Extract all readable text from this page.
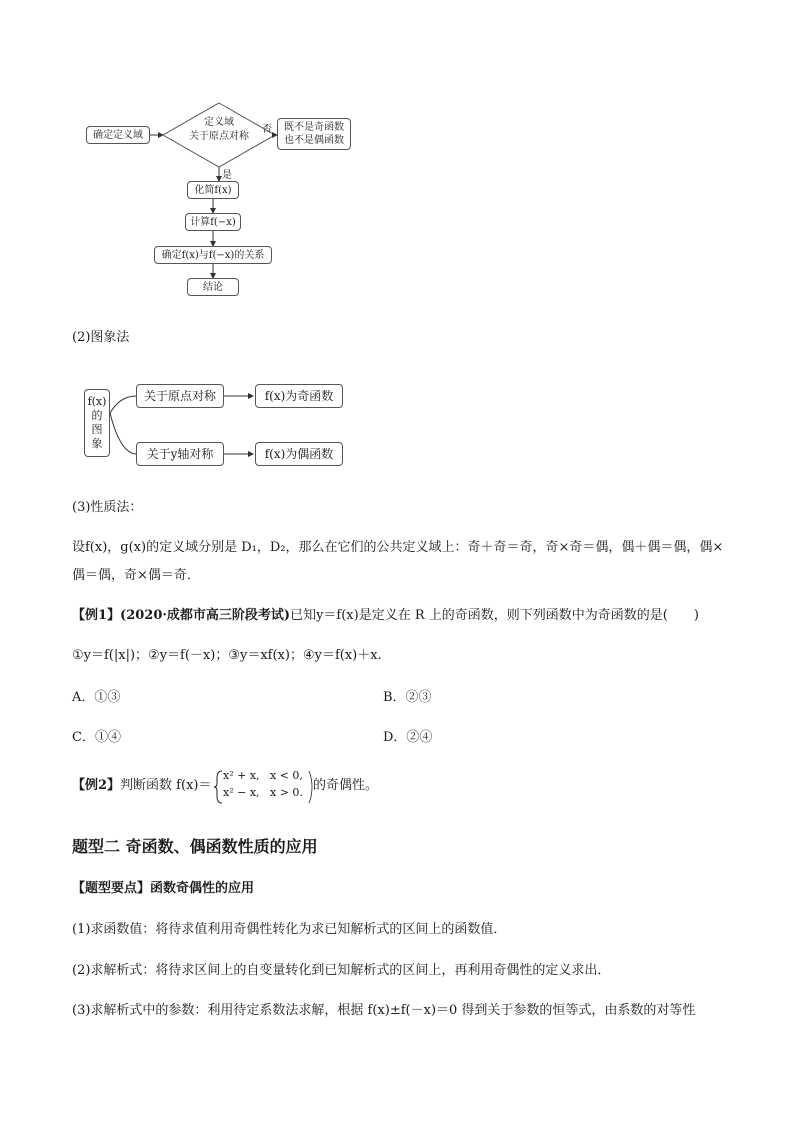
确定定义域
定义域
关于原点对称
否	既不是奇函数
也不是偶函数
是
化简f(x)
计算f(−x)
确定f(x)与f(−x)的关系
结论
(2)图象法
f(x)
的
图
象
关于原点对称
关于y轴对称
f(x)为奇函数
f(x)为偶函数
(3)性质法：
设f(x)，g(x)的定义域分别是 D₁，D₂，那么在它们的公共定义域上：奇＋奇＝奇，奇×奇＝偶，偶＋偶＝偶，偶×偶＝偶，奇×偶＝奇．
【例1】(2020·成都市高三阶段考试)已知y＝f(x)是定义在 R 上的奇函数，则下列函数中为奇函数的是(　　)
①y＝f(|x|)；②y＝f(－x)；③y＝xf(x)；④y＝f(x)＋x.
A．①③	B．②③
C．①④	D．②④
【例2】判断函数 f(x)＝
x² + x,   x < 0,
x² − x,   x > 0. 的奇偶性。
题型二 奇函数、偶函数性质的应用
【题型要点】函数奇偶性的应用
(1)求函数值：将待求值利用奇偶性转化为求已知解析式的区间上的函数值．
(2)求解析式：将待求区间上的自变量转化到已知解析式的区间上，再利用奇偶性的定义求出．
(3)求解析式中的参数：利用待定系数法求解，根据 f(x)±f(－x)＝0 得到关于参数的恒等式，由系数的对等性
